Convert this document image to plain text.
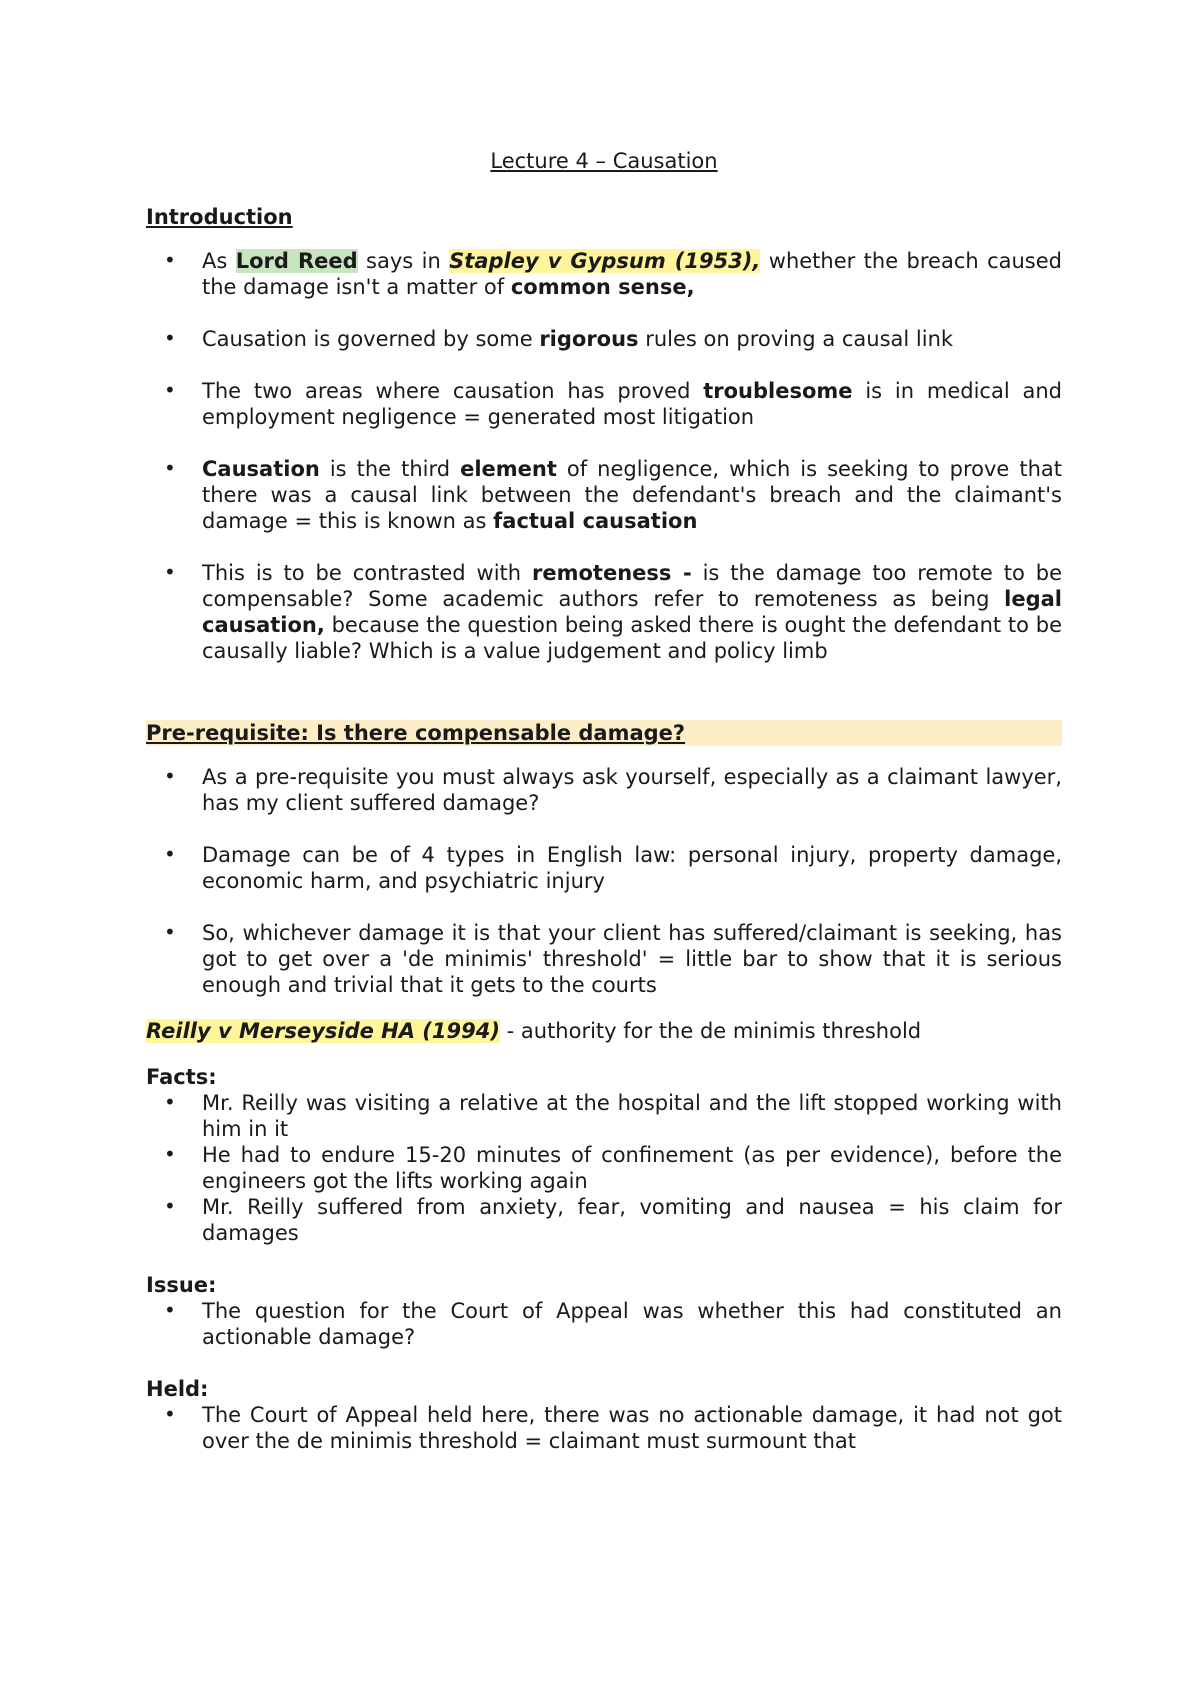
Lecture 4 – Causation
Introduction
• As Lord Reed says in Stapley v Gypsum (1953), whether the breach caused the damage isn't a matter of common sense,
• Causation is governed by some rigorous rules on proving a causal link
• The two areas where causation has proved troublesome is in medical and employment negligence = generated most litigation
• Causation is the third element of negligence, which is seeking to prove that there was a causal link between the defendant's breach and the claimant's damage = this is known as factual causation
• This is to be contrasted with remoteness - is the damage too remote to be compensable? Some academic authors refer to remoteness as being legal causation, because the question being asked there is ought the defendant to be causally liable? Which is a value judgement and policy limb
Pre-requisite: Is there compensable damage?
• As a pre-requisite you must always ask yourself, especially as a claimant lawyer, has my client suffered damage?
• Damage can be of 4 types in English law: personal injury, property damage, economic harm, and psychiatric injury
• So, whichever damage it is that your client has suffered/claimant is seeking, has got to get over a 'de minimis' threshold' = little bar to show that it is serious enough and trivial that it gets to the courts
Reilly v Merseyside HA (1994) - authority for the de minimis threshold
Facts:
• Mr. Reilly was visiting a relative at the hospital and the lift stopped working with him in it
• He had to endure 15-20 minutes of confinement (as per evidence), before the engineers got the lifts working again
• Mr. Reilly suffered from anxiety, fear, vomiting and nausea = his claim for damages
Issue:
• The question for the Court of Appeal was whether this had constituted an actionable damage?
Held:
• The Court of Appeal held here, there was no actionable damage, it had not got over the de minimis threshold = claimant must surmount that
